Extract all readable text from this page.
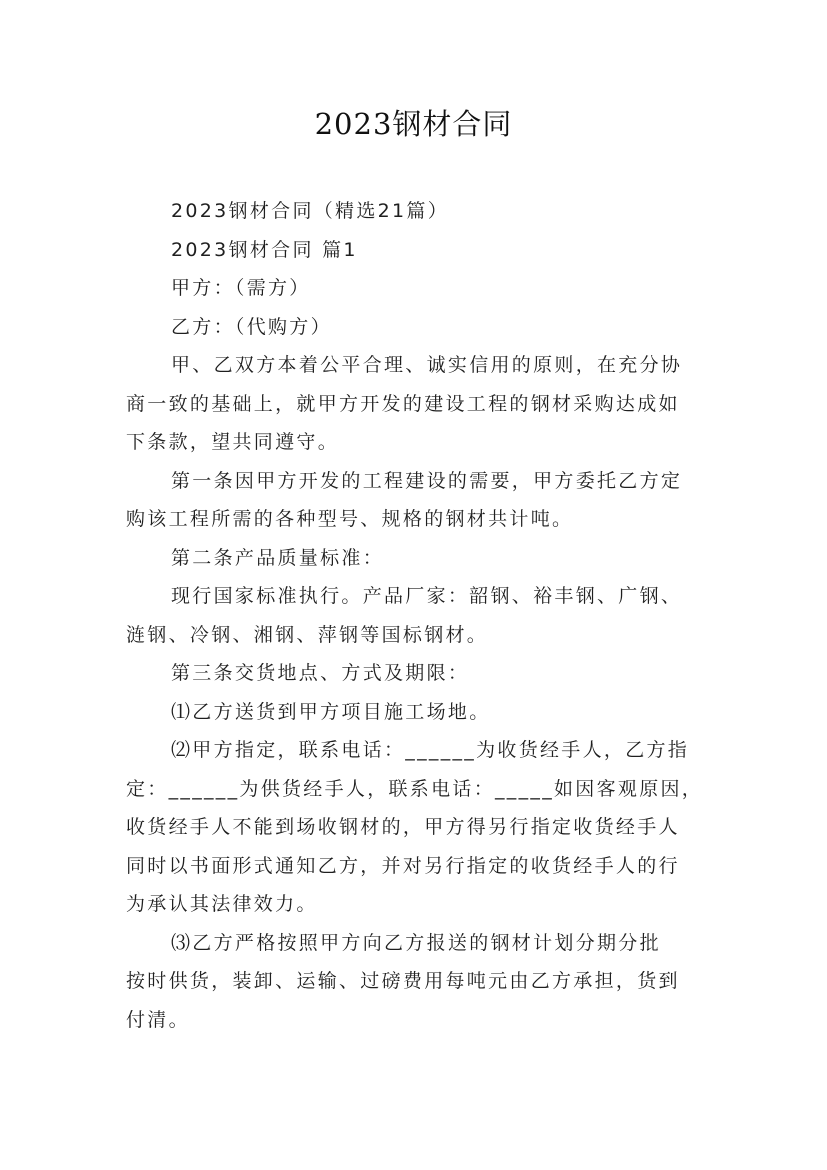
2023钢材合同
2023钢材合同（精选21篇）
2023钢材合同 篇1
甲方：（需方）
乙方：（代购方）
甲、乙双方本着公平合理、诚实信用的原则，在充分协
商一致的基础上，就甲方开发的建设工程的钢材采购达成如
下条款，望共同遵守。
第一条因甲方开发的工程建设的需要，甲方委托乙方定
购该工程所需的各种型号、规格的钢材共计吨。
第二条产品质量标准：
现行国家标准执行。产品厂家：韶钢、裕丰钢、广钢、
涟钢、冷钢、湘钢、萍钢等国标钢材。
第三条交货地点、方式及期限：
⑴乙方送货到甲方项目施工场地。
⑵甲方指定，联系电话：______为收货经手人，乙方指
定：______为供货经手人，联系电话：_____如因客观原因，
收货经手人不能到场收钢材的，甲方得另行指定收货经手人
同时以书面形式通知乙方，并对另行指定的收货经手人的行
为承认其法律效力。
⑶乙方严格按照甲方向乙方报送的钢材计划分期分批
按时供货，装卸、运输、过磅费用每吨元由乙方承担，货到
付清。
